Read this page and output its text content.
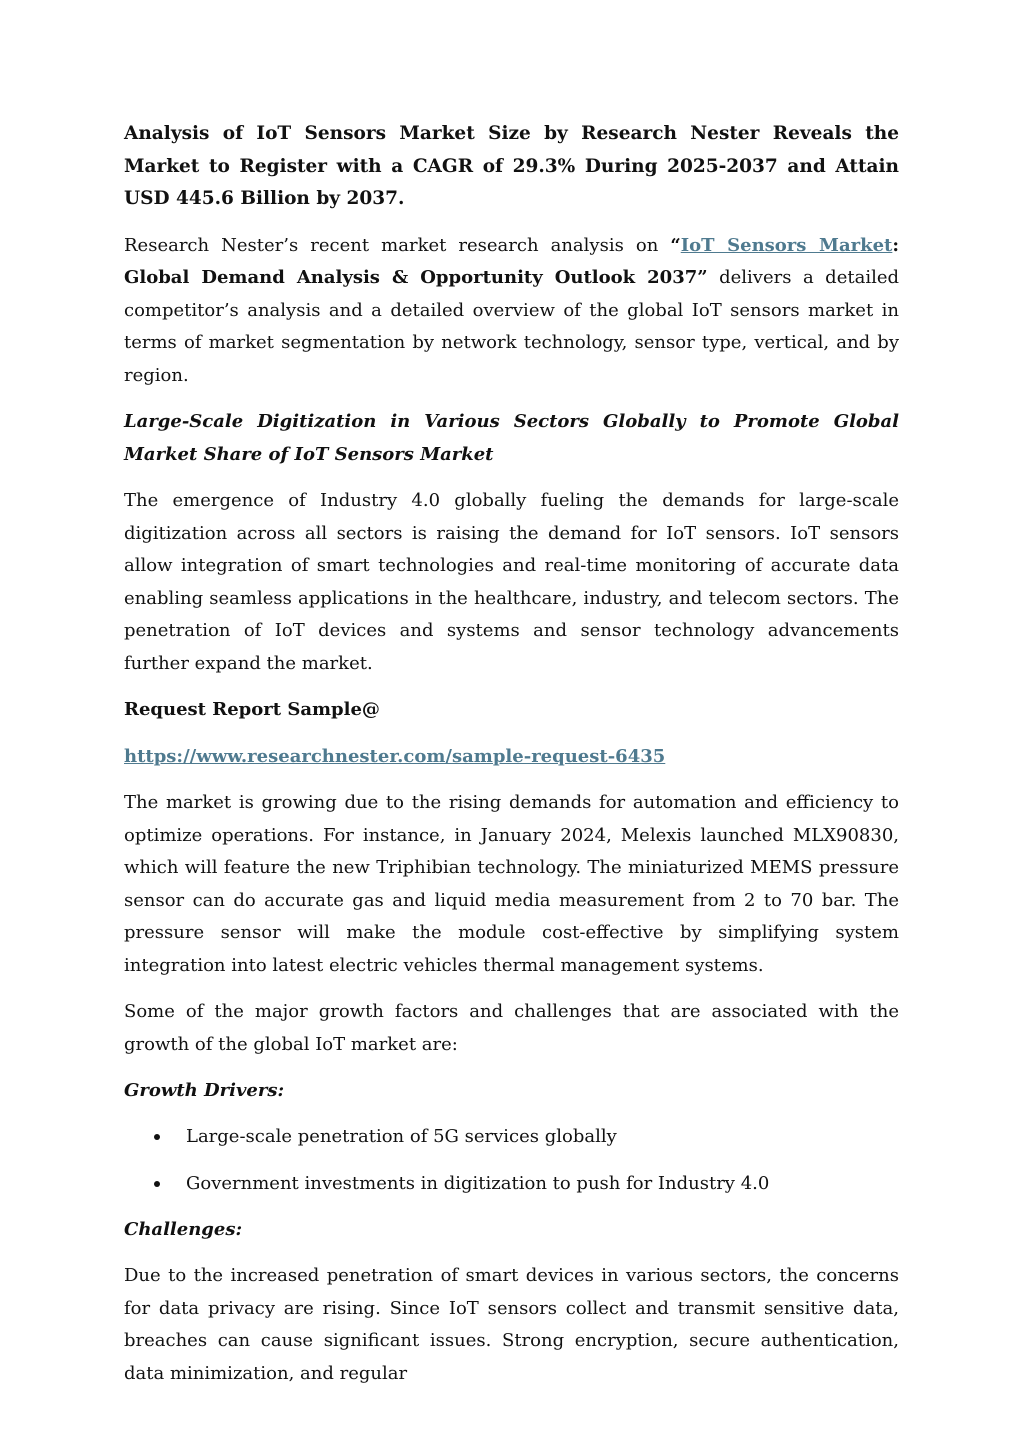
Analysis of IoT Sensors Market Size by Research Nester Reveals the Market to Register with a CAGR of 29.3% During 2025-2037 and Attain USD 445.6 Billion by 2037.

Research Nester’s recent market research analysis on “IoT Sensors Market: Global Demand Analysis & Opportunity Outlook 2037” delivers a detailed competitor’s analysis and a detailed overview of the global IoT sensors market in terms of market segmentation by network technology, sensor type, vertical, and by region.

Large-Scale Digitization in Various Sectors Globally to Promote Global Market Share of IoT Sensors Market

The emergence of Industry 4.0 globally fueling the demands for large-scale digitization across all sectors is raising the demand for IoT sensors. IoT sensors allow integration of smart technologies and real-time monitoring of accurate data enabling seamless applications in the healthcare, industry, and telecom sectors. The penetration of IoT devices and systems and sensor technology advancements further expand the market.

Request Report Sample@

https://www.researchnester.com/sample-request-6435

The market is growing due to the rising demands for automation and efficiency to optimize operations. For instance, in January 2024, Melexis launched MLX90830, which will feature the new Triphibian technology. The miniaturized MEMS pressure sensor can do accurate gas and liquid media measurement from 2 to 70 bar. The pressure sensor will make the module cost-effective by simplifying system integration into latest electric vehicles thermal management systems.

Some of the major growth factors and challenges that are associated with the growth of the global IoT market are:

Growth Drivers:

Large-scale penetration of 5G services globally
Government investments in digitization to push for Industry 4.0

Challenges:

Due to the increased penetration of smart devices in various sectors, the concerns for data privacy are rising. Since IoT sensors collect and transmit sensitive data, breaches can cause significant issues. Strong encryption, secure authentication, data minimization, and regular
